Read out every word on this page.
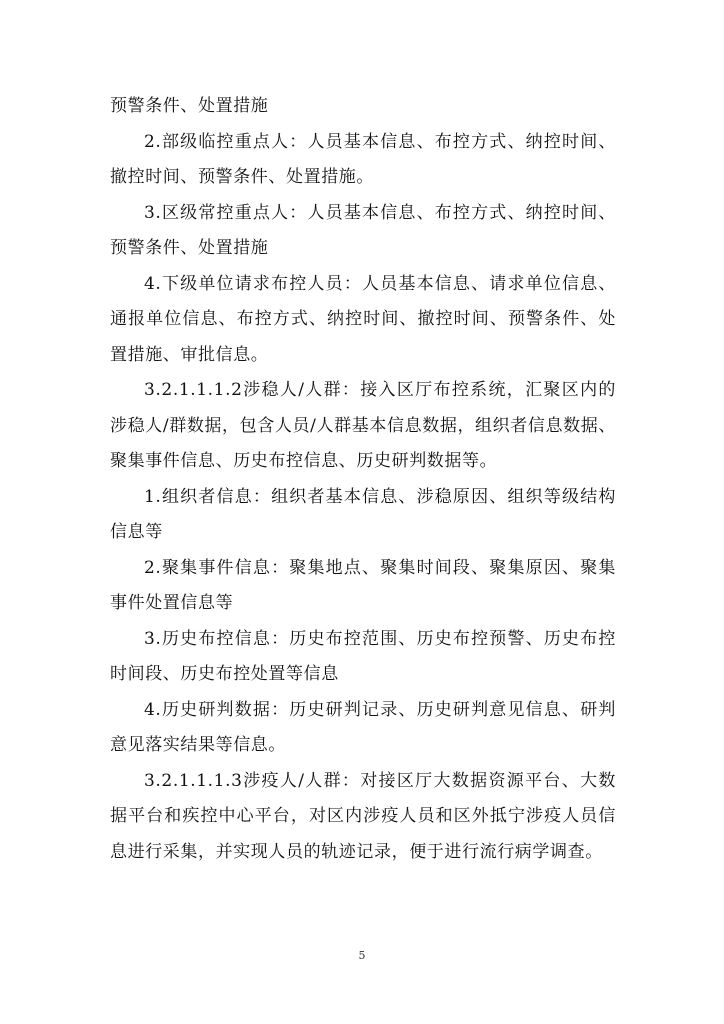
预警条件、处置措施

2.部级临控重点人：人员基本信息、布控方式、纳控时间、撤控时间、预警条件、处置措施。

3.区级常控重点人：人员基本信息、布控方式、纳控时间、预警条件、处置措施

4.下级单位请求布控人员：人员基本信息、请求单位信息、通报单位信息、布控方式、纳控时间、撤控时间、预警条件、处置措施、审批信息。

3.2.1.1.1.2涉稳人/人群：接入区厅布控系统，汇聚区内的涉稳人/群数据，包含人员/人群基本信息数据，组织者信息数据、聚集事件信息、历史布控信息、历史研判数据等。

1.组织者信息：组织者基本信息、涉稳原因、组织等级结构信息等

2.聚集事件信息：聚集地点、聚集时间段、聚集原因、聚集事件处置信息等

3.历史布控信息：历史布控范围、历史布控预警、历史布控时间段、历史布控处置等信息

4.历史研判数据：历史研判记录、历史研判意见信息、研判意见落实结果等信息。

3.2.1.1.1.3涉疫人/人群：对接区厅大数据资源平台、大数据平台和疾控中心平台，对区内涉疫人员和区外抵宁涉疫人员信息进行采集，并实现人员的轨迹记录，便于进行流行病学调查。

5
